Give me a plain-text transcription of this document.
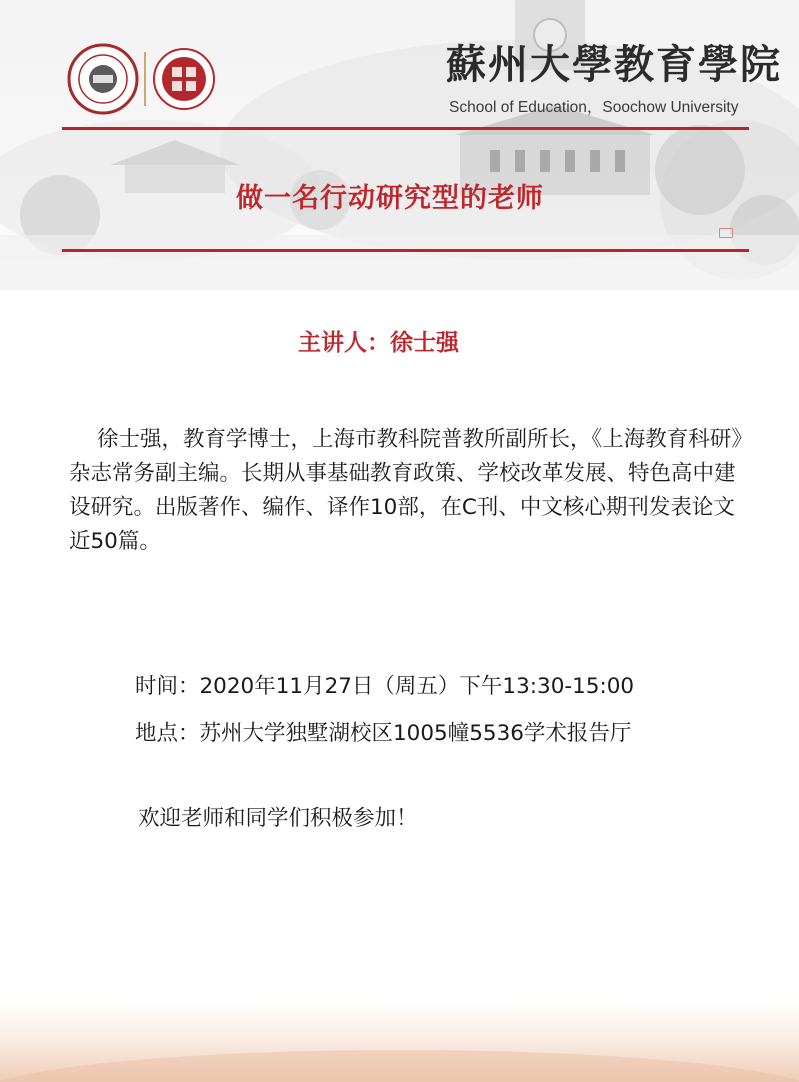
蘇州大學教育學院
School of Education，Soochow University
做一名行动研究型的老师
主讲人：徐士强

徐士强，教育学博士，上海市教科院普教所副所长，《上海教育科研》杂志常务副主编。长期从事基础教育政策、学校改革发展、特色高中建设研究。出版著作、编作、译作10部，在C刊、中文核心期刊发表论文近50篇。

时间：2020年11月27日（周五）下午13:30-15:00
地点：苏州大学独墅湖校区1005幢5536学术报告厅
欢迎老师和同学们积极参加！
